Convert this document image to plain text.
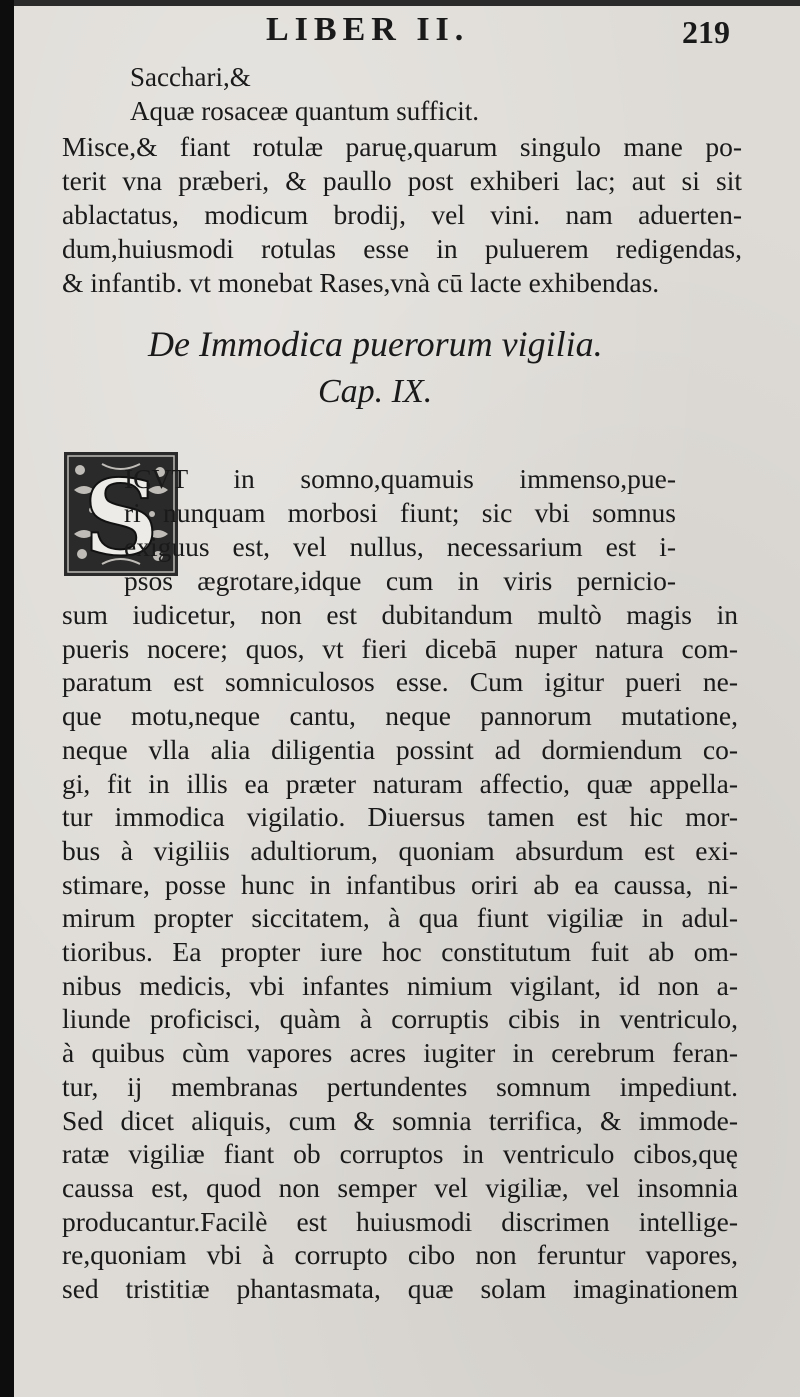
LIBER II.	219
Sacchari,&
Aquæ rosaceæ quantum sufficit.
Misce,& fiant rotulæ paruę,quarum singulo mane po-
terit vna præberi, & paullo post exhiberi lac; aut si sit
ablactatus, modicum brodij, vel vini. nam aduerten-
dum,huiusmodi rotulas esse in puluerem redigendas,
& infantib. vt monebat Rases,vnà cū lacte exhibendas.
De Immodica puerorum vigilia.
Cap. IX.
S
ICVT in somno,quamuis immenso,pue-
ri nunquam morbosi fiunt; sic vbi somnus
exiguus est, vel nullus, necessarium est i-
psos ægrotare,idque cum in viris pernicio-
sum iudicetur, non est dubitandum multò magis in
pueris nocere; quos, vt fieri dicebā nuper natura com-
paratum est somniculosos esse. Cum igitur pueri ne-
que motu,neque cantu, neque pannorum mutatione,
neque vlla alia diligentia possint ad dormiendum co-
gi, fit in illis ea præter naturam affectio, quæ appella-
tur immodica vigilatio. Diuersus tamen est hic mor-
bus à vigiliis adultiorum, quoniam absurdum est exi-
stimare, posse hunc in infantibus oriri ab ea caussa, ni-
mirum propter siccitatem, à qua fiunt vigiliæ in adul-
tioribus. Ea propter iure hoc constitutum fuit ab om-
nibus medicis, vbi infantes nimium vigilant, id non a-
liunde proficisci, quàm à corruptis cibis in ventriculo,
à quibus cùm vapores acres iugiter in cerebrum feran-
tur, ij membranas pertundentes somnum impediunt.
Sed dicet aliquis, cum & somnia terrifica, & immode-
ratæ vigiliæ fiant ob corruptos in ventriculo cibos,quę
caussa est, quod non semper vel vigiliæ, vel insomnia
producantur.Facilè est huiusmodi discrimen intellige-
re,quoniam vbi à corrupto cibo non feruntur vapores,
sed tristitiæ phantasmata, quæ solam imaginationem
